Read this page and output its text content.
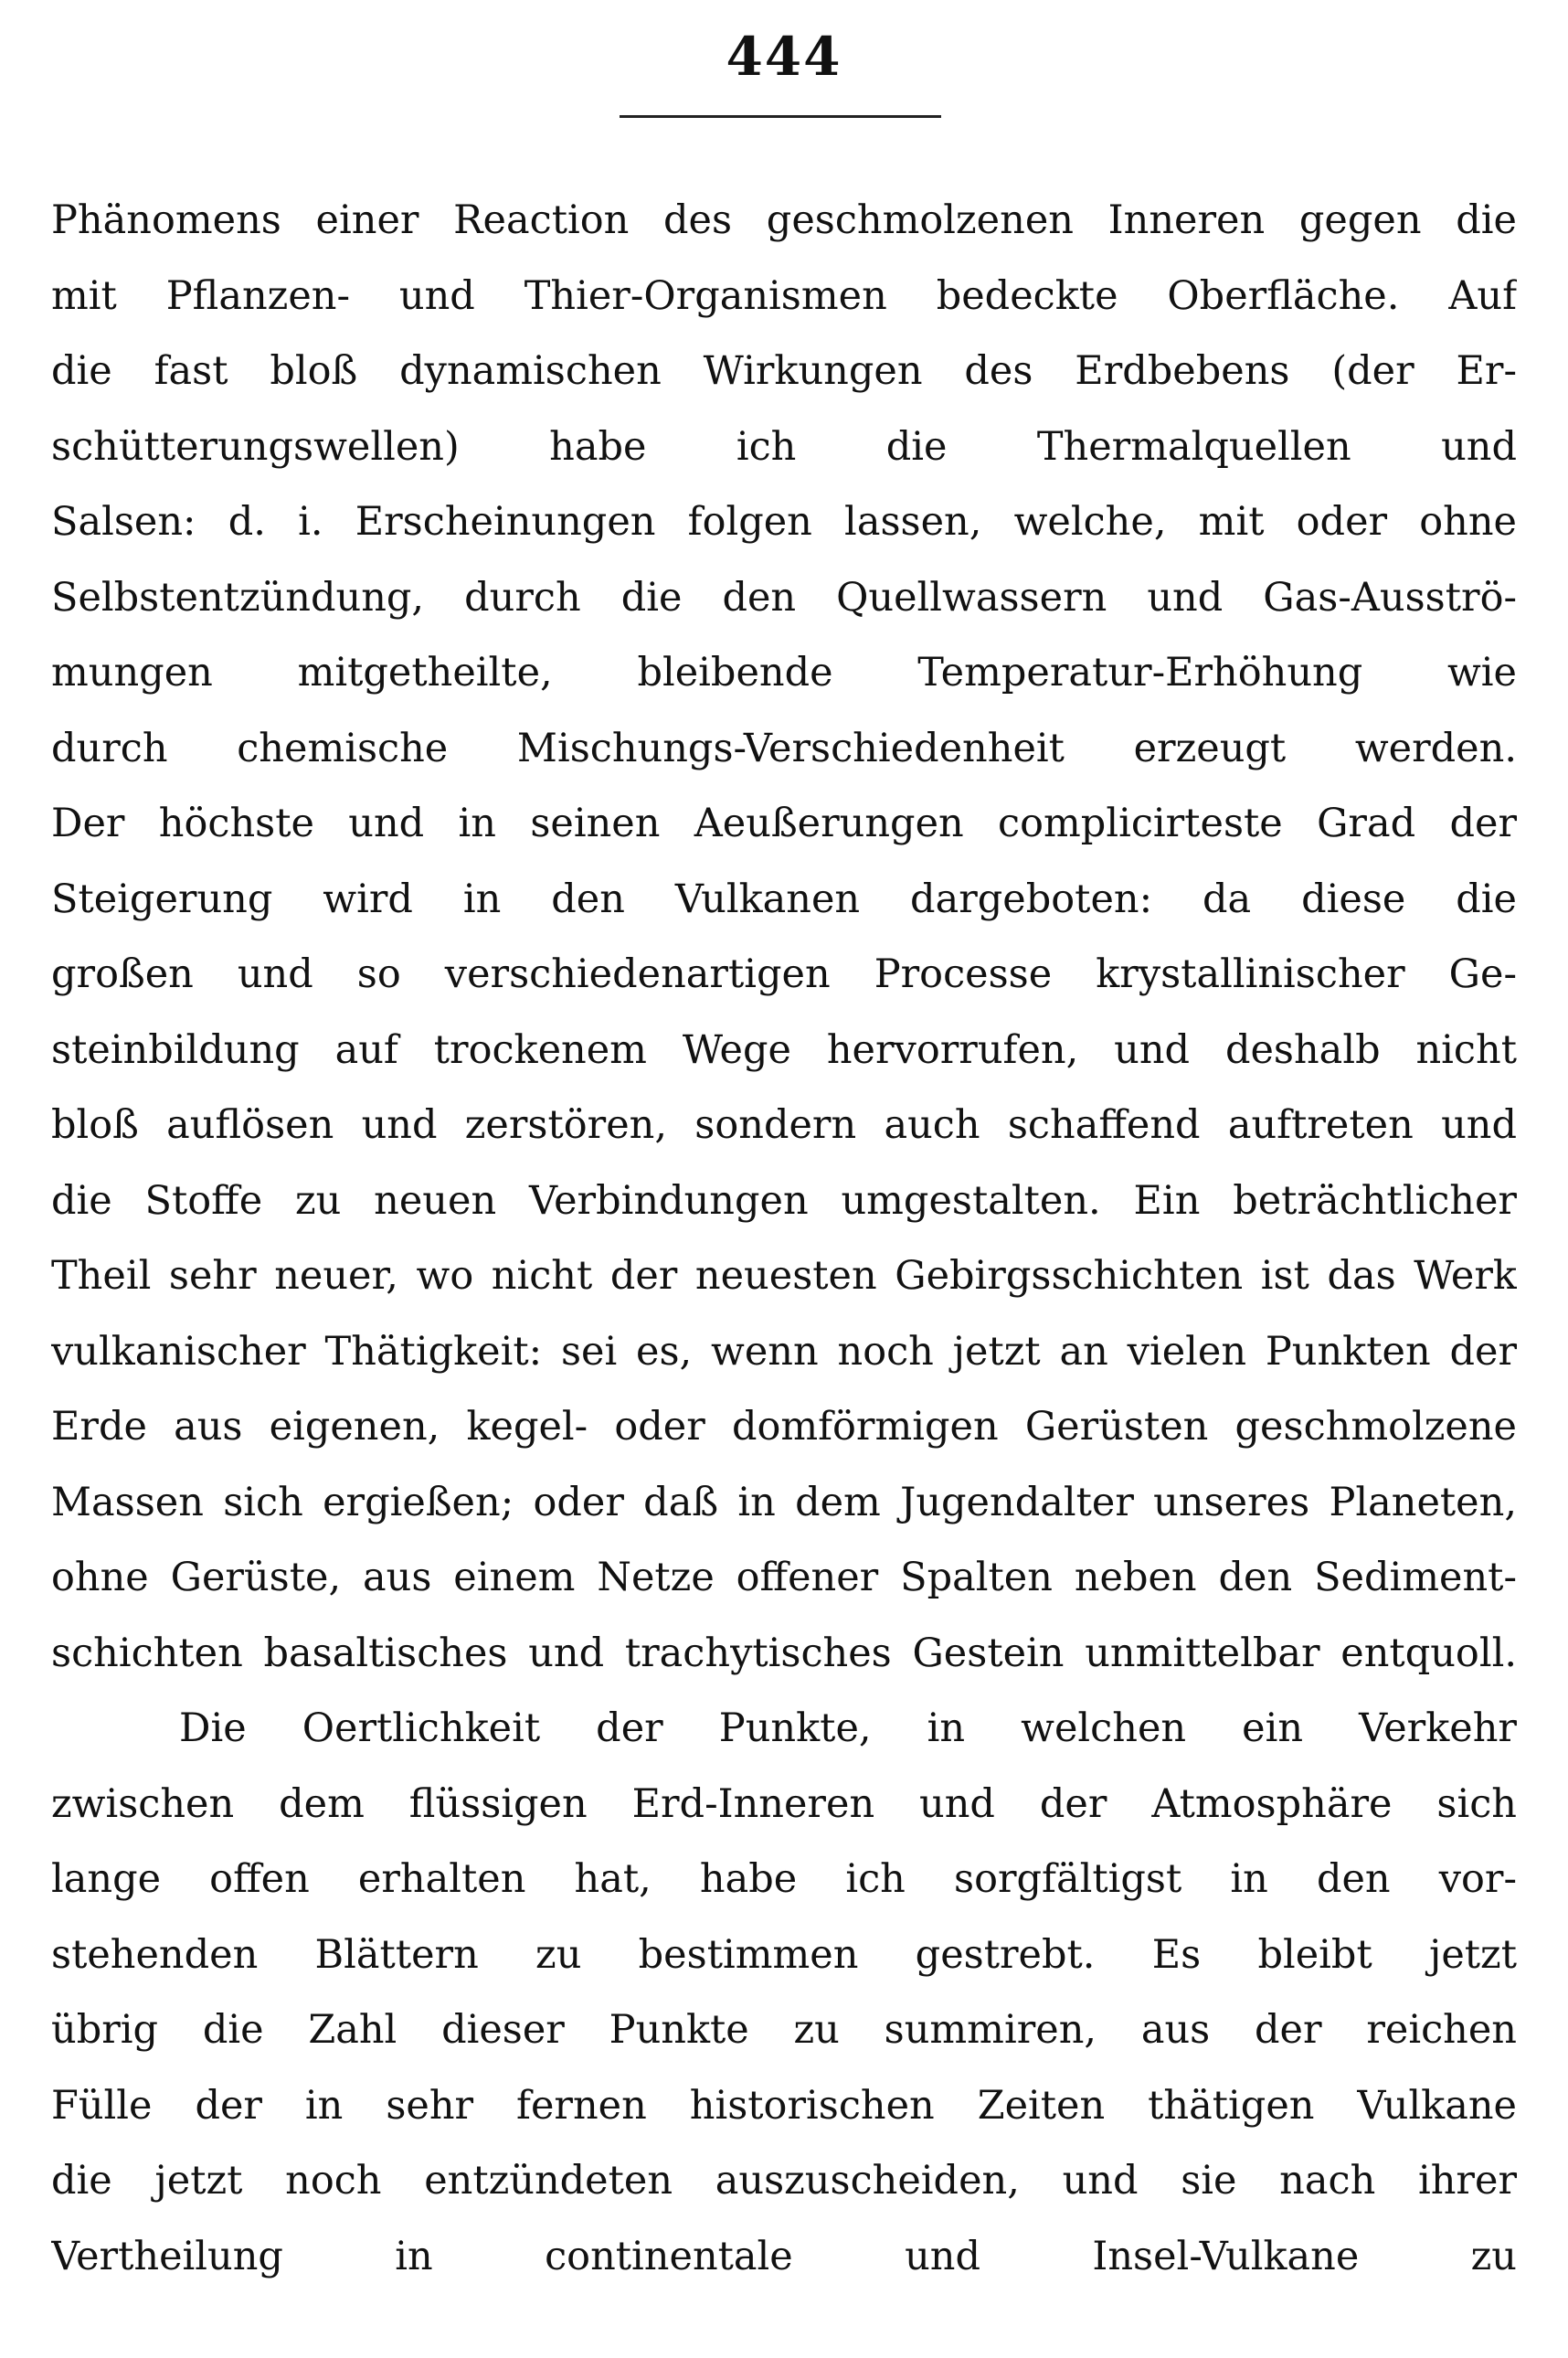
444
Phänomens einer Reaction des geschmolzenen Inneren gegen die
mit Pflanzen- und Thier-Organismen bedeckte Oberfläche. Auf
die fast bloß dynamischen Wirkungen des Erdbebens (der Er-
schütterungswellen) habe ich die Thermalquellen und
Salsen: d. i. Erscheinungen folgen lassen, welche, mit oder ohne
Selbstentzündung, durch die den Quellwassern und Gas-Ausströ-
mungen mitgetheilte, bleibende Temperatur-Erhöhung wie
durch chemische Mischungs-Verschiedenheit erzeugt werden.
Der höchste und in seinen Aeußerungen complicirteste Grad der
Steigerung wird in den Vulkanen dargeboten: da diese die
großen und so verschiedenartigen Processe krystallinischer Ge-
steinbildung auf trockenem Wege hervorrufen, und deshalb nicht
bloß auflösen und zerstören, sondern auch schaffend auftreten und
die Stoffe zu neuen Verbindungen umgestalten. Ein beträchtlicher
Theil sehr neuer, wo nicht der neuesten Gebirgsschichten ist das Werk
vulkanischer Thätigkeit: sei es, wenn noch jetzt an vielen Punkten der
Erde aus eigenen, kegel- oder domförmigen Gerüsten geschmolzene
Massen sich ergießen; oder daß in dem Jugendalter unseres Planeten,
ohne Gerüste, aus einem Netze offener Spalten neben den Sediment-
schichten basaltisches und trachytisches Gestein unmittelbar entquoll.
Die Oertlichkeit der Punkte, in welchen ein Verkehr
zwischen dem flüssigen Erd-Inneren und der Atmosphäre sich
lange offen erhalten hat, habe ich sorgfältigst in den vor-
stehenden Blättern zu bestimmen gestrebt. Es bleibt jetzt
übrig die Zahl dieser Punkte zu summiren, aus der reichen
Fülle der in sehr fernen historischen Zeiten thätigen Vulkane
die jetzt noch entzündeten auszuscheiden, und sie nach ihrer
Vertheilung in continentale und Insel-Vulkane zu
